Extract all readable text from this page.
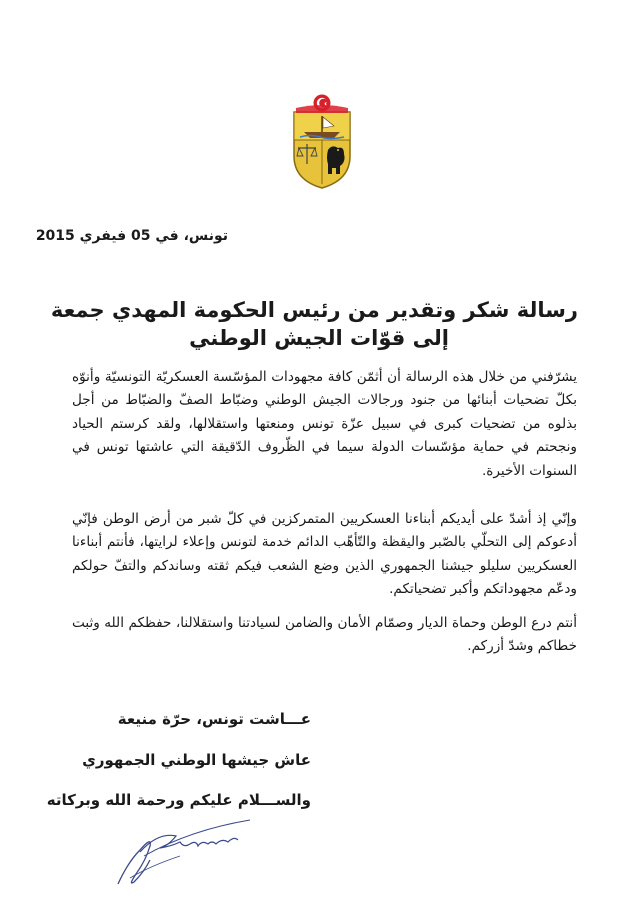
تونس، في 05 فيفري 2015
رسالة شكر وتقدير من رئيس الحكومة المهدي جمعة
إلى قوّات الجيش الوطني
يشرّفني من خلال هذه الرسالة أن أثمّن كافة مجهودات المؤسّسة العسكريّة التونسيّة وأنوّه بكلّ تضحيات أبنائها من جنود ورجالات الجيش الوطني وضبّاط الصفّ والضبّاط من أجل بذلوه من تضحيات كبرى في سبيل عزّة تونس ومنعتها واستقلالها، ولقد كرستم الحياد ونجحتم في حماية مؤسّسات الدولة سيما في الظّروف الدّقيقة التي عاشتها تونس في السنوات الأخيرة.
وإنّي إذ أشدّ على أيديكم أبناءنا العسكريين المتمركزين في كلّ شبر من أرض الوطن فإنّي أدعوكم إلى التحلّي بالصّبر واليقظة والتّأهّب الدائم خدمة لتونس وإعلاء لرايتها، فأنتم أبناءنا العسكريين سليلو جيشنا الجمهوري الذين وضع الشعب فيكم ثقته وساندكم والتفّ حولكم ودعّم مجهوداتكم وأكبر تضحياتكم.
أنتم درع الوطن وحماة الديار وصمّام الأمان والضامن لسيادتنا واستقلالنا، حفظكم الله وثبت خطاكم وشدّ أزركم.
عـــاشت تونس، حرّة منيعة
عاش جيشها الوطني الجمهوري
والســـلام عليكم ورحمة الله وبركاته
